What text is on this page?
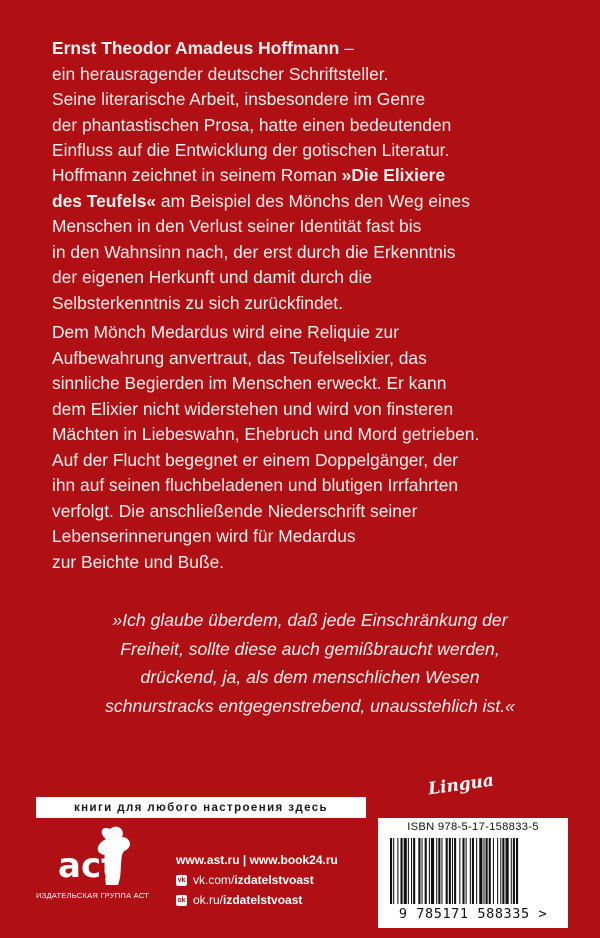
Ernst Theodor Amadeus Hoffmann –
ein herausragender deutscher Schriftsteller.
Seine literarische Arbeit, insbesondere im Genre
der phantastischen Prosa, hatte einen bedeutenden
Einfluss auf die Entwicklung der gotischen Literatur.
Hoffmann zeichnet in seinem Roman »Die Elixiere
des Teufels« am Beispiel des Mönchs den Weg eines
Menschen in den Verlust seiner Identität fast bis
in den Wahnsinn nach, der erst durch die Erkenntnis
der eigenen Herkunft und damit durch die
Selbsterkenntnis zu sich zurückfindet.
Dem Mönch Medardus wird eine Reliquie zur
Aufbewahrung anvertraut, das Teufelselixier, das
sinnliche Begierden im Menschen erweckt. Er kann
dem Elixier nicht widerstehen und wird von finsteren
Mächten in Liebeswahn, Ehebruch und Mord getrieben.
Auf der Flucht begegnet er einem Doppelgänger, der
ihn auf seinen fluchbeladenen und blutigen Irrfahrten
verfolgt. Die anschließende Niederschrift seiner
Lebenserinnerungen wird für Medardus
zur Beichte und Buße.
»Ich glaube überdem, daß jede Einschränkung der
Freiheit, sollte diese auch gemißbraucht werden,
drückend, ja, als dem menschlichen Wesen
schnurstracks entgegenstrebend, unausstehlich ist.«
Lingua
книги для любого настроения здесь
act
ИЗДАТЕЛЬСКАЯ ГРУППА АСТ
www.ast.ru | www.book24.ru
vk vk.com/izdatelstvoast
ok ok.ru/izdatelstvoast
ISBN 978-5-17-158833-5
9 785171 588335 >
